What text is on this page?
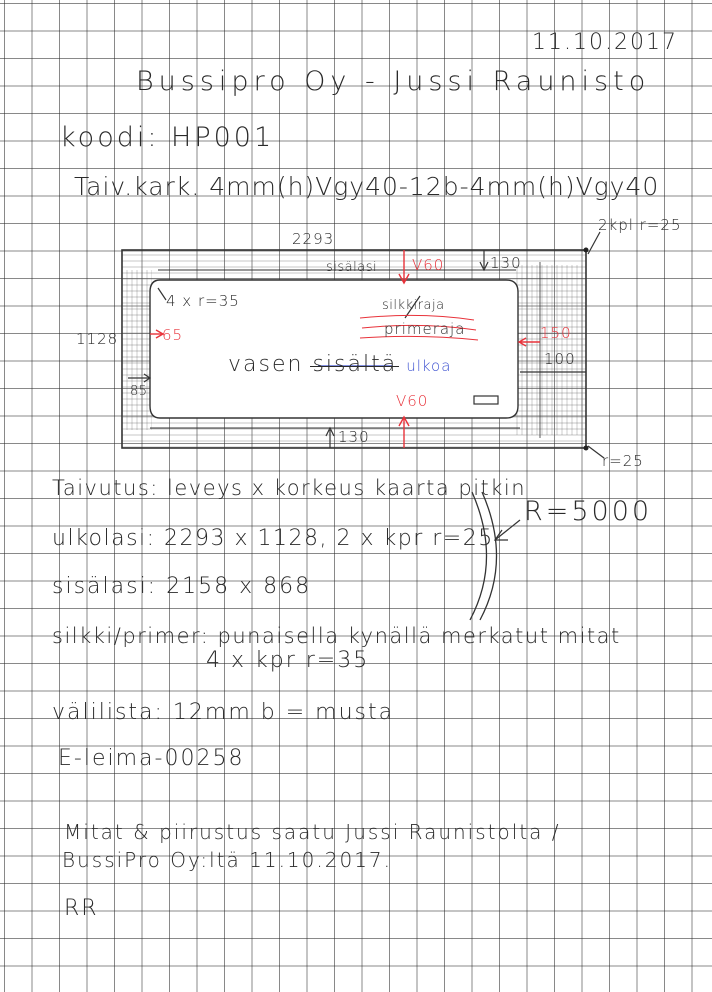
11.10.2017
Bussipro Oy - Jussi Raunisto
koodi: HP001
Taiv.kark. 4mm(h)Vgy40-12b-4mm(h)Vgy40
2293
2kpl r=25
r=25
1128
4 x r=35
sisälasi
silkkiraja
primeraja
V60
V60
130
130
65	150
100
85
vasen sisältä ulkoa
Taivutus: leveys x korkeus kaarta pitkin
R=5000
ulkolasi: 2293 x 1128, 2 x kpr r=25
sisälasi: 2158 x 868
silkki/primer: punaisella kynällä merkatut mitat
4 x kpr r=35
välilista: 12mm b = musta
E-leima-00258
Mitat & piirustus saatu Jussi Raunistolta /
BussiPro Oy:ltä 11.10.2017.
RR
